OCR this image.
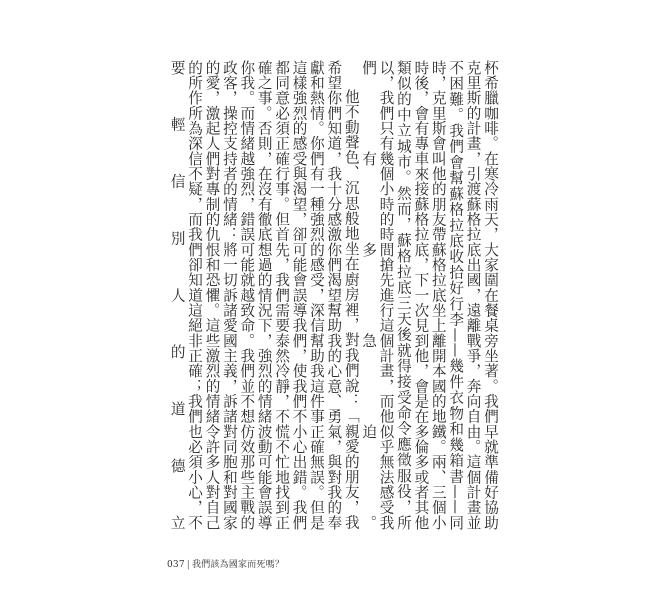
杯希臘咖啡。在寒冷雨天，大家圍在餐桌旁坐著。我們早就準備好協助克里斯的計畫，引渡蘇格拉底出國，遠離戰爭，奔向自由。這個計畫並不困難。我們會幫蘇格拉底收拾好行李——幾件衣物和幾箱書——同時，克里斯會叫他的朋友帶蘇格拉底坐上離開本國的地鐵。兩、三個小時後，會有專車來接蘇格拉底，下一次見到他，會是在多倫多或者其他類似的中立城市。然而，蘇格拉底三天後就得接受命令應徵服役，所以，我們只有幾個小時的時間搶先進行這個計畫，而他似乎無法感受我們有多急迫。

他不動聲色、沉思般地坐在廚房裡，對我們說：「親愛的朋友，我希望你們知道，我十分感激你們渴望幫助我的心意、勇氣，與對我的奉獻和熱情。你們有一種強烈的感受，深信幫助我這件事正確無誤。但是這樣強烈的感受與渴望，卻可能會誤導我們，使我們不小心出錯。我們都同意必須正確行事。但首先，我們需要泰然冷靜，不慌不忙地找到正確之事。否則，在沒有徹底想過的情況下，強烈的情緒波動可能會誤導你我。而情緒越強烈，錯誤可能就越致命。我們並不想仿效那些主戰的政客，操控支持者的情緒：將一切訴諸愛國主義，訴諸對同胞和對國家的愛，激起人們對專制的仇恨和恐懼。這些激烈的情緒令許多人對自己的所作所為深信不疑，而我們卻知道這絕非正確；我們也必須小心，不要輕信別人的道德立

037 | 我們該為國家而死嗎？
